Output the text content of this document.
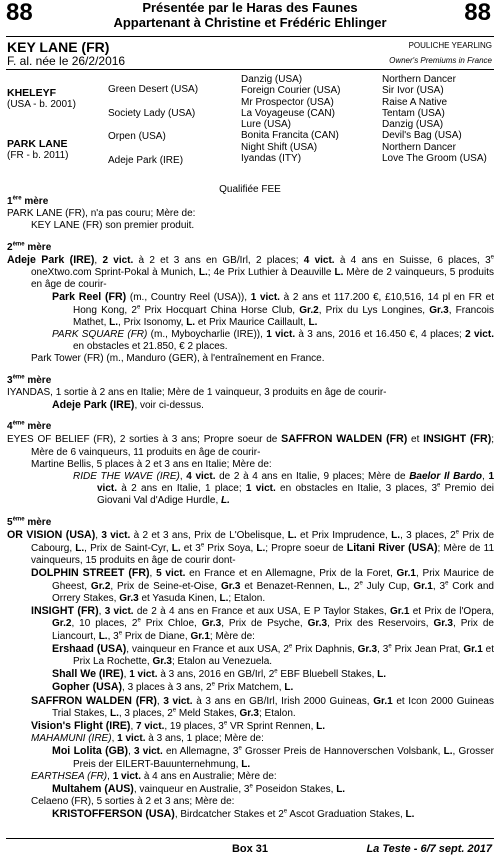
88	88
Présentée par le Haras des Faunes
Appartenant à Christine et Frédéric Ehlinger
KEY LANE (FR)
F. al. née le 26/2/2016
POULICHE YEARLING
Owner's Premiums in France
KHELEYF
(USA - b. 2001)
PARK LANE
(FR - b. 2011)
Green Desert (USA)
Society Lady (USA)
Orpen (USA)
Adeje Park (IRE)
Danzig (USA)
Foreign Courier (USA)
Mr Prospector (USA)
La Voyageuse (CAN)
Lure (USA)
Bonita Francita (CAN)
Night Shift (USA)
Iyandas (ITY)
Northern Dancer
Sir Ivor (USA)
Raise A Native
Tentam (USA)
Danzig (USA)
Devil's Bag (USA)
Northern Dancer
Love The Groom (USA)
Qualifiée FEE
1ère mère
PARK LANE (FR), n'a pas couru; Mère de:
KEY LANE (FR) son premier produit.
2ème mère
Adeje Park (IRE), 2 vict. à 2 et 3 ans en GB/Irl, 2 places; 4 vict. à 4 ans en Suisse, 6 places, 3e oneXtwo.com Sprint-Pokal à Munich, L.; 4e Prix Luthier à Deauville L. Mère de 2 vainqueurs, 5 produits en âge de courir-
Park Reel (FR) (m., Country Reel (USA)), 1 vict. à 2 ans et 117.200 €, £10,516, 14 pl en FR et Hong Kong, 2e Prix Hocquart China Horse Club, Gr.2, Prix du Lys Longines, Gr.3, Francois Mathet, L., Prix Isonomy, L. et Prix Maurice Caillault, L.
PARK SQUARE (FR) (m., Myboycharlie (IRE)), 1 vict. à 3 ans, 2016 et 16.450 €, 4 places; 2 vict. en obstacles et 21.850, € 2 places.
Park Tower (FR) (m., Manduro (GER), à l'entraînement en France.
3ème mère
IYANDAS, 1 sortie à 2 ans en Italie; Mère de 1 vainqueur, 3 produits en âge de courir-
Adeje Park (IRE), voir ci-dessus.
4ème mère
EYES OF BELIEF (FR), 2 sorties à 3 ans; Propre soeur de SAFFRON WALDEN (FR) et INSIGHT (FR); Mère de 6 vainqueurs, 11 produits en âge de courir-
Martine Bellis, 5 places à 2 et 3 ans en Italie; Mère de:
RIDE THE WAVE (IRE), 4 vict. de 2 à 4 ans en Italie, 9 places; Mère de Baelor Il Bardo, 1 vict. à 2 ans en Italie, 1 place; 1 vict. en obstacles en Italie, 3 places, 3e Premio dei Giovani Val d'Adige Hurdle, L.
5ème mère
OR VISION (USA), 3 vict. à 2 et 3 ans, Prix de L'Obelisque, L. et Prix Imprudence, L., 3 places, 2e Prix de Cabourg, L., Prix de Saint-Cyr, L. et 3e Prix Soya, L.; Propre soeur de Litani River (USA); Mère de 11 vainqueurs, 15 produits en âge de courir dont-
DOLPHIN STREET (FR), 5 vict. en France et en Allemagne, Prix de la Foret, Gr.1, Prix Maurice de Gheest, Gr.2, Prix de Seine-et-Oise, Gr.3 et Benazet-Rennen, L., 2e July Cup, Gr.1, 3e Cork and Orrery Stakes, Gr.3 et Yasuda Kinen, L.; Etalon.
INSIGHT (FR), 3 vict. de 2 à 4 ans en France et aux USA, E P Taylor Stakes, Gr.1 et Prix de l'Opera, Gr.2, 10 places, 2e Prix Chloe, Gr.3, Prix de Psyche, Gr.3, Prix des Reservoirs, Gr.3, Prix de Liancourt, L., 3e Prix de Diane, Gr.1; Mère de:
Ershaad (USA), vainqueur en France et aux USA, 2e Prix Daphnis, Gr.3, 3e Prix Jean Prat, Gr.1 et Prix La Rochette, Gr.3; Etalon au Venezuela.
Shall We (IRE), 1 vict. à 3 ans, 2016 en GB/Irl, 2e EBF Bluebell Stakes, L.
Gopher (USA), 3 places à 3 ans, 2e Prix Matchem, L.
SAFFRON WALDEN (FR), 3 vict. à 3 ans en GB/Irl, Irish 2000 Guineas, Gr.1 et Icon 2000 Guineas Trial Stakes, L., 3 places, 2e Meld Stakes, Gr.3; Etalon.
Vision's Flight (IRE), 7 vict., 19 places, 3e VR Sprint Rennen, L.
MAHAMUNI (IRE), 1 vict. à 3 ans, 1 place; Mère de:
Moi Lolita (GB), 3 vict. en Allemagne, 3e Grosser Preis de Hannoverschen Volsbank, L., Grosser Preis der EILERT-Bauunternehmung, L.
EARTHSEA (FR), 1 vict. à 4 ans en Australie; Mère de:
Multahem (AUS), vainqueur en Australie, 3e Poseidon Stakes, L.
Celaeno (FR), 5 sorties à 2 et 3 ans; Mère de:
KRISTOFFERSON (USA), Birdcatcher Stakes et 2e Ascot Graduation Stakes, L.
Box 31	La Teste - 6/7 sept. 2017
